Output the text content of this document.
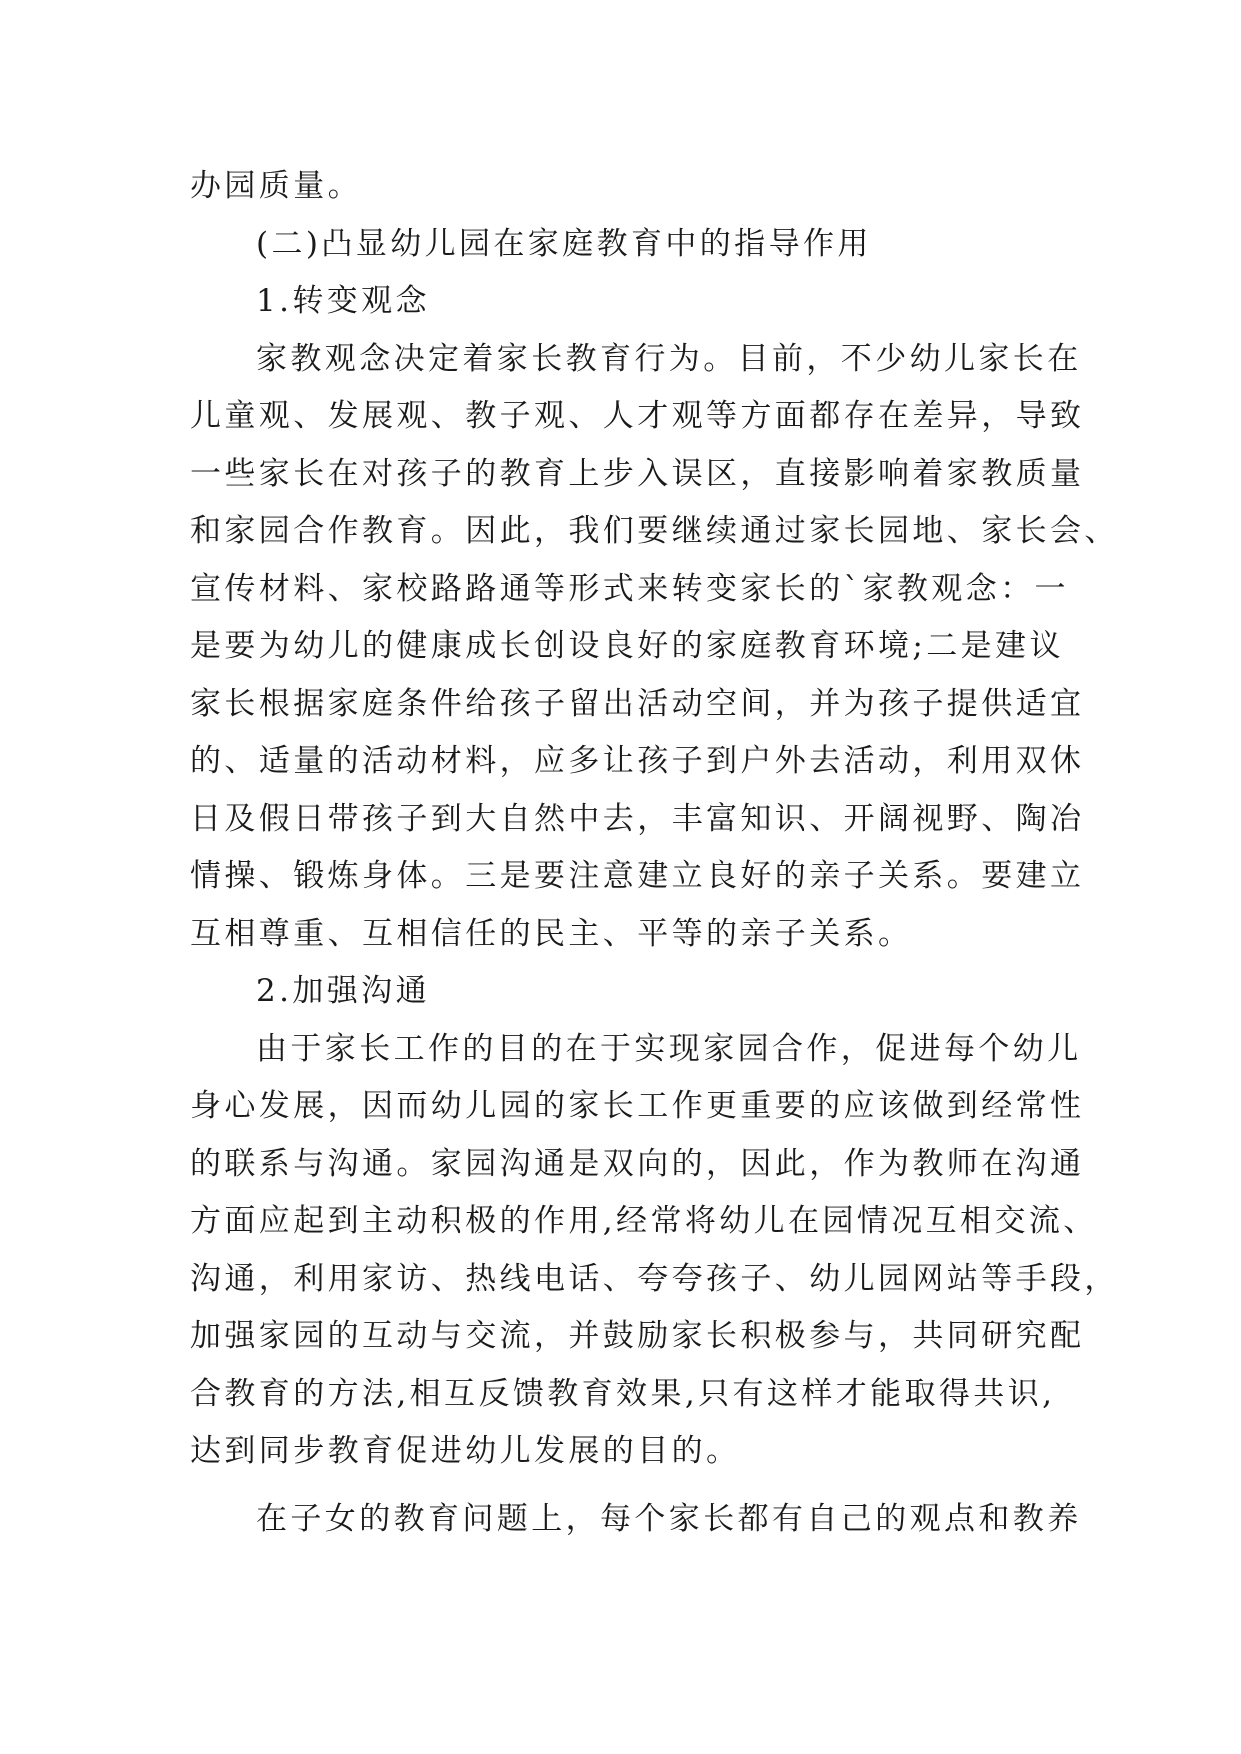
办园质量。
(二)凸显幼儿园在家庭教育中的指导作用
1.转变观念
家教观念决定着家长教育行为。目前，不少幼儿家长在
儿童观、发展观、教子观、人才观等方面都存在差异，导致
一些家长在对孩子的教育上步入误区，直接影响着家教质量
和家园合作教育。因此，我们要继续通过家长园地、家长会、
宣传材料、家校路路通等形式来转变家长的`家教观念：一
是要为幼儿的健康成长创设良好的家庭教育环境;二是建议
家长根据家庭条件给孩子留出活动空间，并为孩子提供适宜
的、适量的活动材料，应多让孩子到户外去活动，利用双休
日及假日带孩子到大自然中去，丰富知识、开阔视野、陶冶
情操、锻炼身体。三是要注意建立良好的亲子关系。要建立
互相尊重、互相信任的民主、平等的亲子关系。
2.加强沟通
由于家长工作的目的在于实现家园合作，促进每个幼儿
身心发展，因而幼儿园的家长工作更重要的应该做到经常性
的联系与沟通。家园沟通是双向的，因此，作为教师在沟通
方面应起到主动积极的作用,经常将幼儿在园情况互相交流、
沟通，利用家访、热线电话、夸夸孩子、幼儿园网站等手段，
加强家园的互动与交流，并鼓励家长积极参与，共同研究配
合教育的方法,相互反馈教育效果,只有这样才能取得共识,
达到同步教育促进幼儿发展的目的。
在子女的教育问题上，每个家长都有自己的观点和教养
